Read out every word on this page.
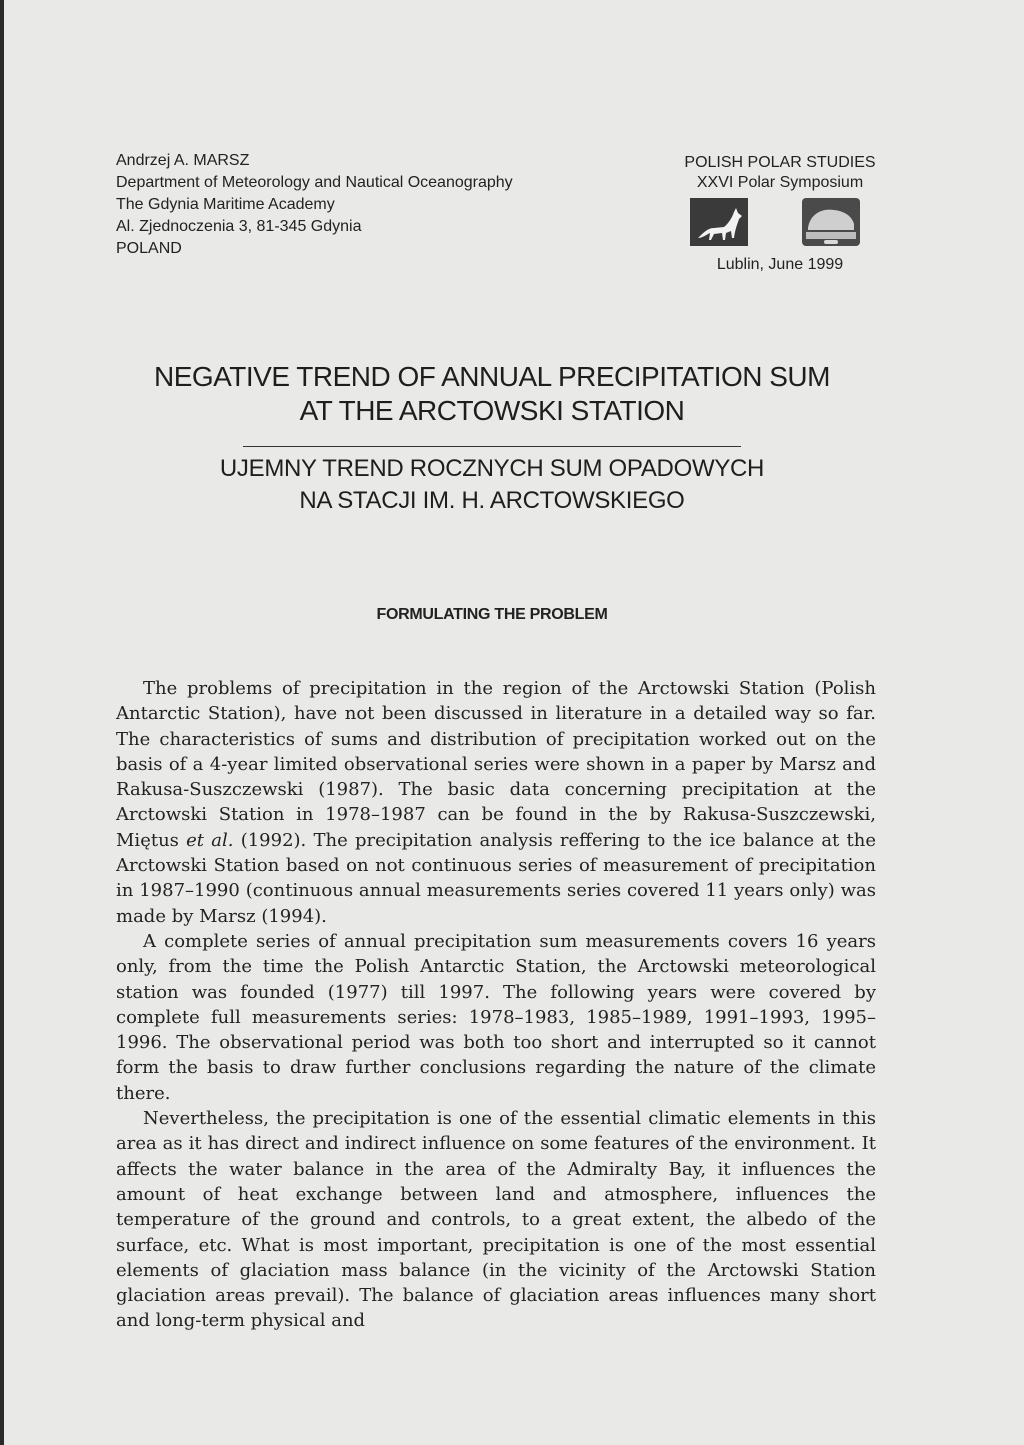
Andrzej A. MARSZ
Department of Meteorology and Nautical Oceanography
The Gdynia Maritime Academy
Al. Zjednoczenia 3, 81-345 Gdynia
POLAND
POLISH POLAR STUDIES
XXVI Polar Symposium
Lublin, June 1999
NEGATIVE TREND OF ANNUAL PRECIPITATION SUM
AT THE ARCTOWSKI STATION
UJEMNY TREND ROCZNYCH SUM OPADOWYCH
NA STACJI IM. H. ARCTOWSKIEGO
FORMULATING THE PROBLEM

The problems of precipitation in the region of the Arctowski Station (Polish Antarctic Station), have not been discussed in literature in a detailed way so far. The characteristics of sums and distribution of precipitation worked out on the basis of a 4-year limited observational series were shown in a paper by Marsz and Rakusa-Suszczewski (1987). The basic data concerning precipitation at the Arctowski Station in 1978–1987 can be found in the by Rakusa-Suszczewski, Miętus et al. (1992). The precipitation analysis reffering to the ice balance at the Arctowski Station based on not continuous series of measurement of precipitation in 1987–1990 (continuous annual measurements series covered 11 years only) was made by Marsz (1994).

A complete series of annual precipitation sum measurements covers 16 years only, from the time the Polish Antarctic Station, the Arctowski meteorological station was founded (1977) till 1997. The following years were covered by complete full measurements series: 1978–1983, 1985–1989, 1991–1993, 1995–1996. The observational period was both too short and interrupted so it cannot form the basis to draw further conclusions regarding the nature of the climate there.

Nevertheless, the precipitation is one of the essential climatic elements in this area as it has direct and indirect influence on some features of the environment. It affects the water balance in the area of the Admiralty Bay, it influences the amount of heat exchange between land and atmosphere, influences the temperature of the ground and controls, to a great extent, the albedo of the surface, etc. What is most important, precipitation is one of the most essential elements of glaciation mass balance (in the vicinity of the Arctowski Station glaciation areas prevail). The balance of glaciation areas influences many short and long-term physical and
